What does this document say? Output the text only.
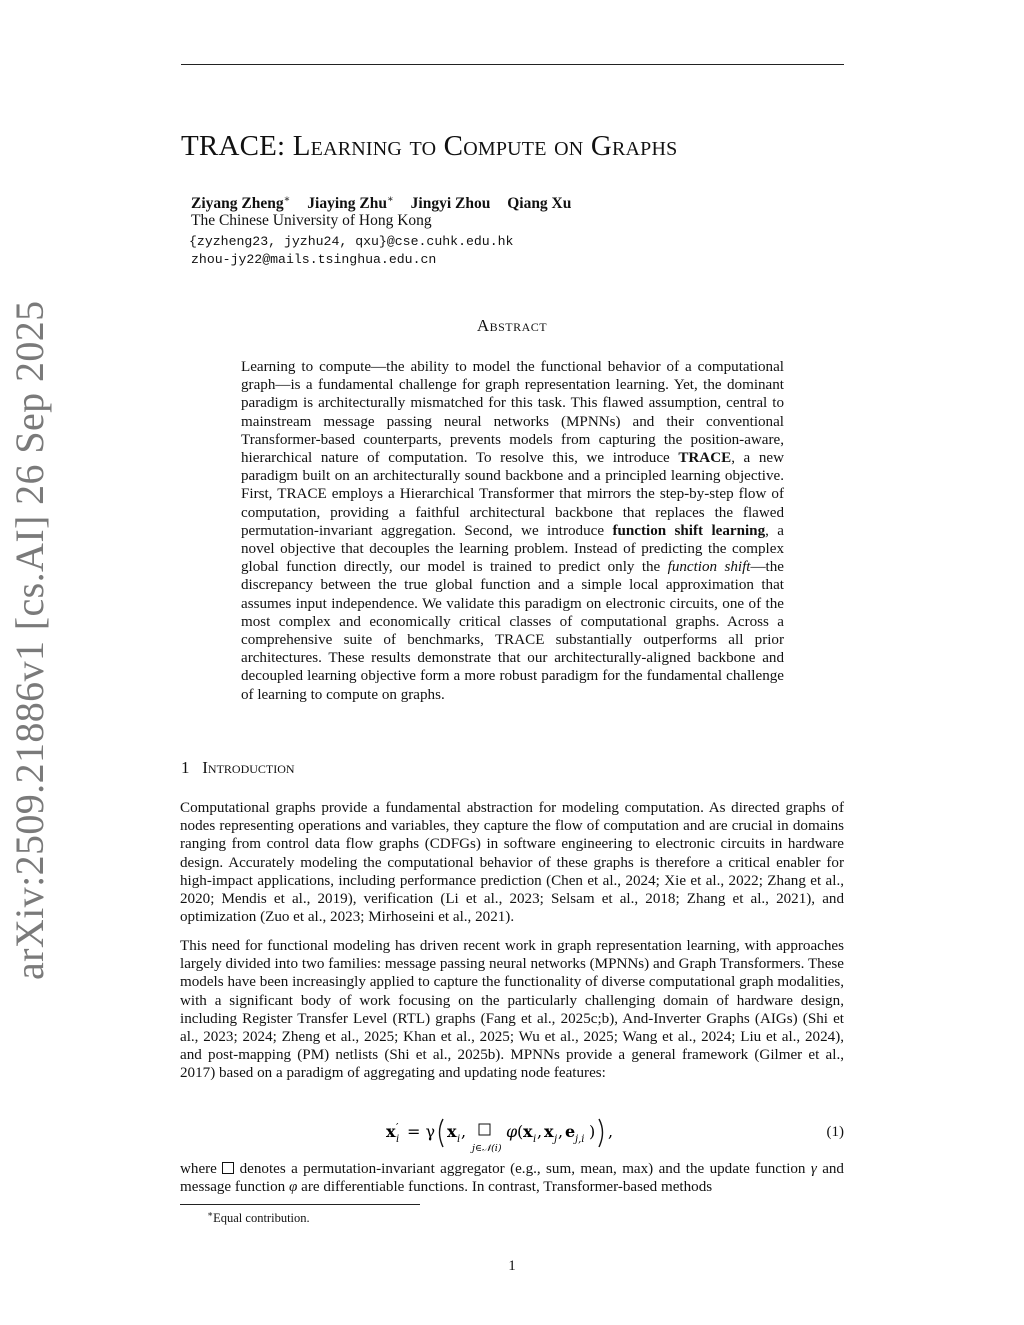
arXiv:2509.21886v1 [cs.AI] 26 Sep 2025
TRACE: Learning to Compute on Graphs
Ziyang Zheng∗ Jiaying Zhu∗ Jingyi Zhou Qiang Xu
The Chinese University of Hong Kong
{zyzheng23, jyzhu24, qxu}@cse.cuhk.edu.hk
zhou-jy22@mails.tsinghua.edu.cn
Abstract
Learning to compute—the ability to model the functional behavior of a computational graph—is a fundamental challenge for graph representation learning. Yet, the dominant paradigm is architecturally mismatched for this task. This flawed assumption, central to mainstream message passing neural networks (MPNNs) and their conventional Transformer-based counterparts, prevents models from capturing the position-aware, hierarchical nature of computation. To resolve this, we introduce TRACE, a new paradigm built on an architecturally sound backbone and a principled learning objective. First, TRACE employs a Hierarchical Transformer that mirrors the step-by-step flow of computation, providing a faithful architectural backbone that replaces the flawed permutation-invariant aggregation. Second, we introduce function shift learning, a novel objective that decouples the learning problem. Instead of predicting the complex global function directly, our model is trained to predict only the function shift—the discrepancy between the true global function and a simple local approximation that assumes input independence. We validate this paradigm on electronic circuits, one of the most complex and economically critical classes of computational graphs. Across a comprehensive suite of benchmarks, TRACE substantially outperforms all prior architectures. These results demonstrate that our architecturally-aligned backbone and decoupled learning objective form a more robust paradigm for the fundamental challenge of learning to compute on graphs.
1 Introduction
Computational graphs provide a fundamental abstraction for modeling computation. As directed graphs of nodes representing operations and variables, they capture the flow of computation and are crucial in domains ranging from control data flow graphs (CDFGs) in software engineering to electronic circuits in hardware design. Accurately modeling the computational behavior of these graphs is therefore a critical enabler for high-impact applications, including performance prediction (Chen et al., 2024; Xie et al., 2022; Zhang et al., 2020; Mendis et al., 2019), verification (Li et al., 2023; Selsam et al., 2018; Zhang et al., 2021), and optimization (Zuo et al., 2023; Mirhoseini et al., 2021).
This need for functional modeling has driven recent work in graph representation learning, with approaches largely divided into two families: message passing neural networks (MPNNs) and Graph Transformers. These models have been increasingly applied to capture the functionality of diverse computational graph modalities, with a significant body of work focusing on the particularly challenging domain of hardware design, including Register Transfer Level (RTL) graphs (Fang et al., 2025c;b), And-Inverter Graphs (AIGs) (Shi et al., 2023; 2024; Zheng et al., 2025; Khan et al., 2025; Wu et al., 2025; Wang et al., 2024; Liu et al., 2024), and post-mapping (PM) netlists (Shi et al., 2025b). MPNNs provide a general framework (Gilmer et al., 2017) based on a paradigm of aggregating and updating node features:
x ′
i = γ x i ,
j∈𝒩(i)
φ ( x i , x j , e j,i ) ,	(1)
where  denotes a permutation-invariant aggregator (e.g., sum, mean, max) and the update function γ and message function φ are differentiable functions. In contrast, Transformer-based methods
∗Equal contribution.
1
